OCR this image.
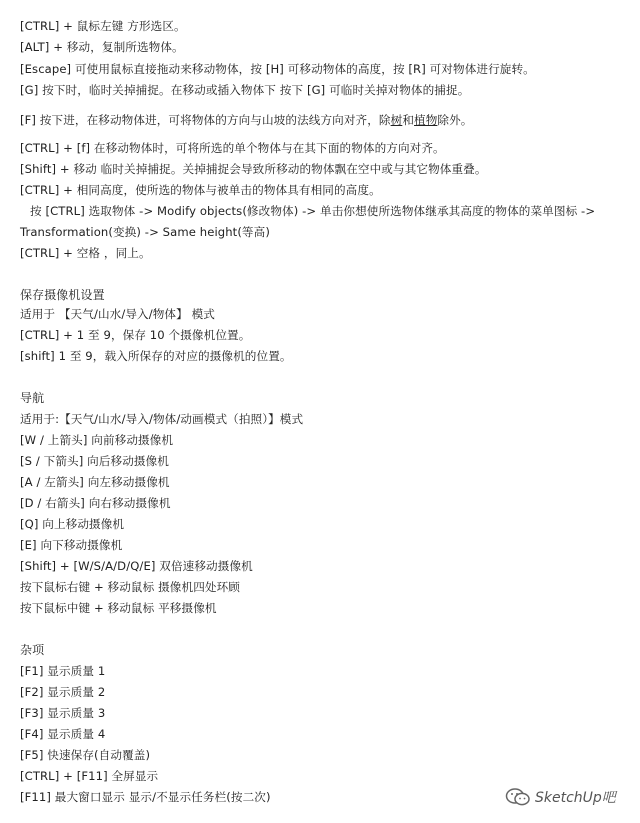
[CTRL] + 鼠标左键 方形选区。
[ALT] + 移动，复制所选物体。
[Escape] 可使用鼠标直接拖动来移动物体，按 [H] 可移动物体的高度，按 [R] 可对物体进行旋转。
[G] 按下时，临时关掉捕捉。在移动或插入物体下 按下 [G] 可临时关掉对物体的捕捉。
[F] 按下进，在移动物体进，可将物体的方向与山坡的法线方向对齐，除树和植物除外。
[CTRL] + [f] 在移动物体时，可将所选的单个物体与在其下面的物体的方向对齐。
[Shift] + 移动 临时关掉捕捉。关掉捕捉会导致所移动的物体飘在空中或与其它物体重叠。
[CTRL] + 相同高度，使所选的物体与被单击的物体具有相同的高度。
按 [CTRL] 选取物体 -> Modify objects(修改物体) -> 单击你想使所选物体继承其高度的物体的菜单图标 ->
Transformation(变换) -> Same height(等高)
[CTRL] + 空格 ，同上。
保存摄像机设置
适用于 【天气/山水/导入/物体】 模式
[CTRL] + 1 至 9，保存 10 个摄像机位置。
[shift] 1 至 9，载入所保存的对应的摄像机的位置。
导航
适用于:【天气/山水/导入/物体/动画模式（拍照）】模式
[W / 上箭头] 向前移动摄像机
[S / 下箭头] 向后移动摄像机
[A / 左箭头] 向左移动摄像机
[D / 右箭头] 向右移动摄像机
[Q] 向上移动摄像机
[E] 向下移动摄像机
[Shift] + [W/S/A/D/Q/E] 双倍速移动摄像机
按下鼠标右键 + 移动鼠标 摄像机四处环顾
按下鼠标中键 + 移动鼠标 平移摄像机
杂项
[F1] 显示质量 1
[F2] 显示质量 2
[F3] 显示质量 3
[F4] 显示质量 4
[F5] 快速保存(自动覆盖)
[CTRL] + [F11] 全屏显示
[F11] 最大窗口显示 显示/不显示任务栏(按二次)	SketchUp吧
